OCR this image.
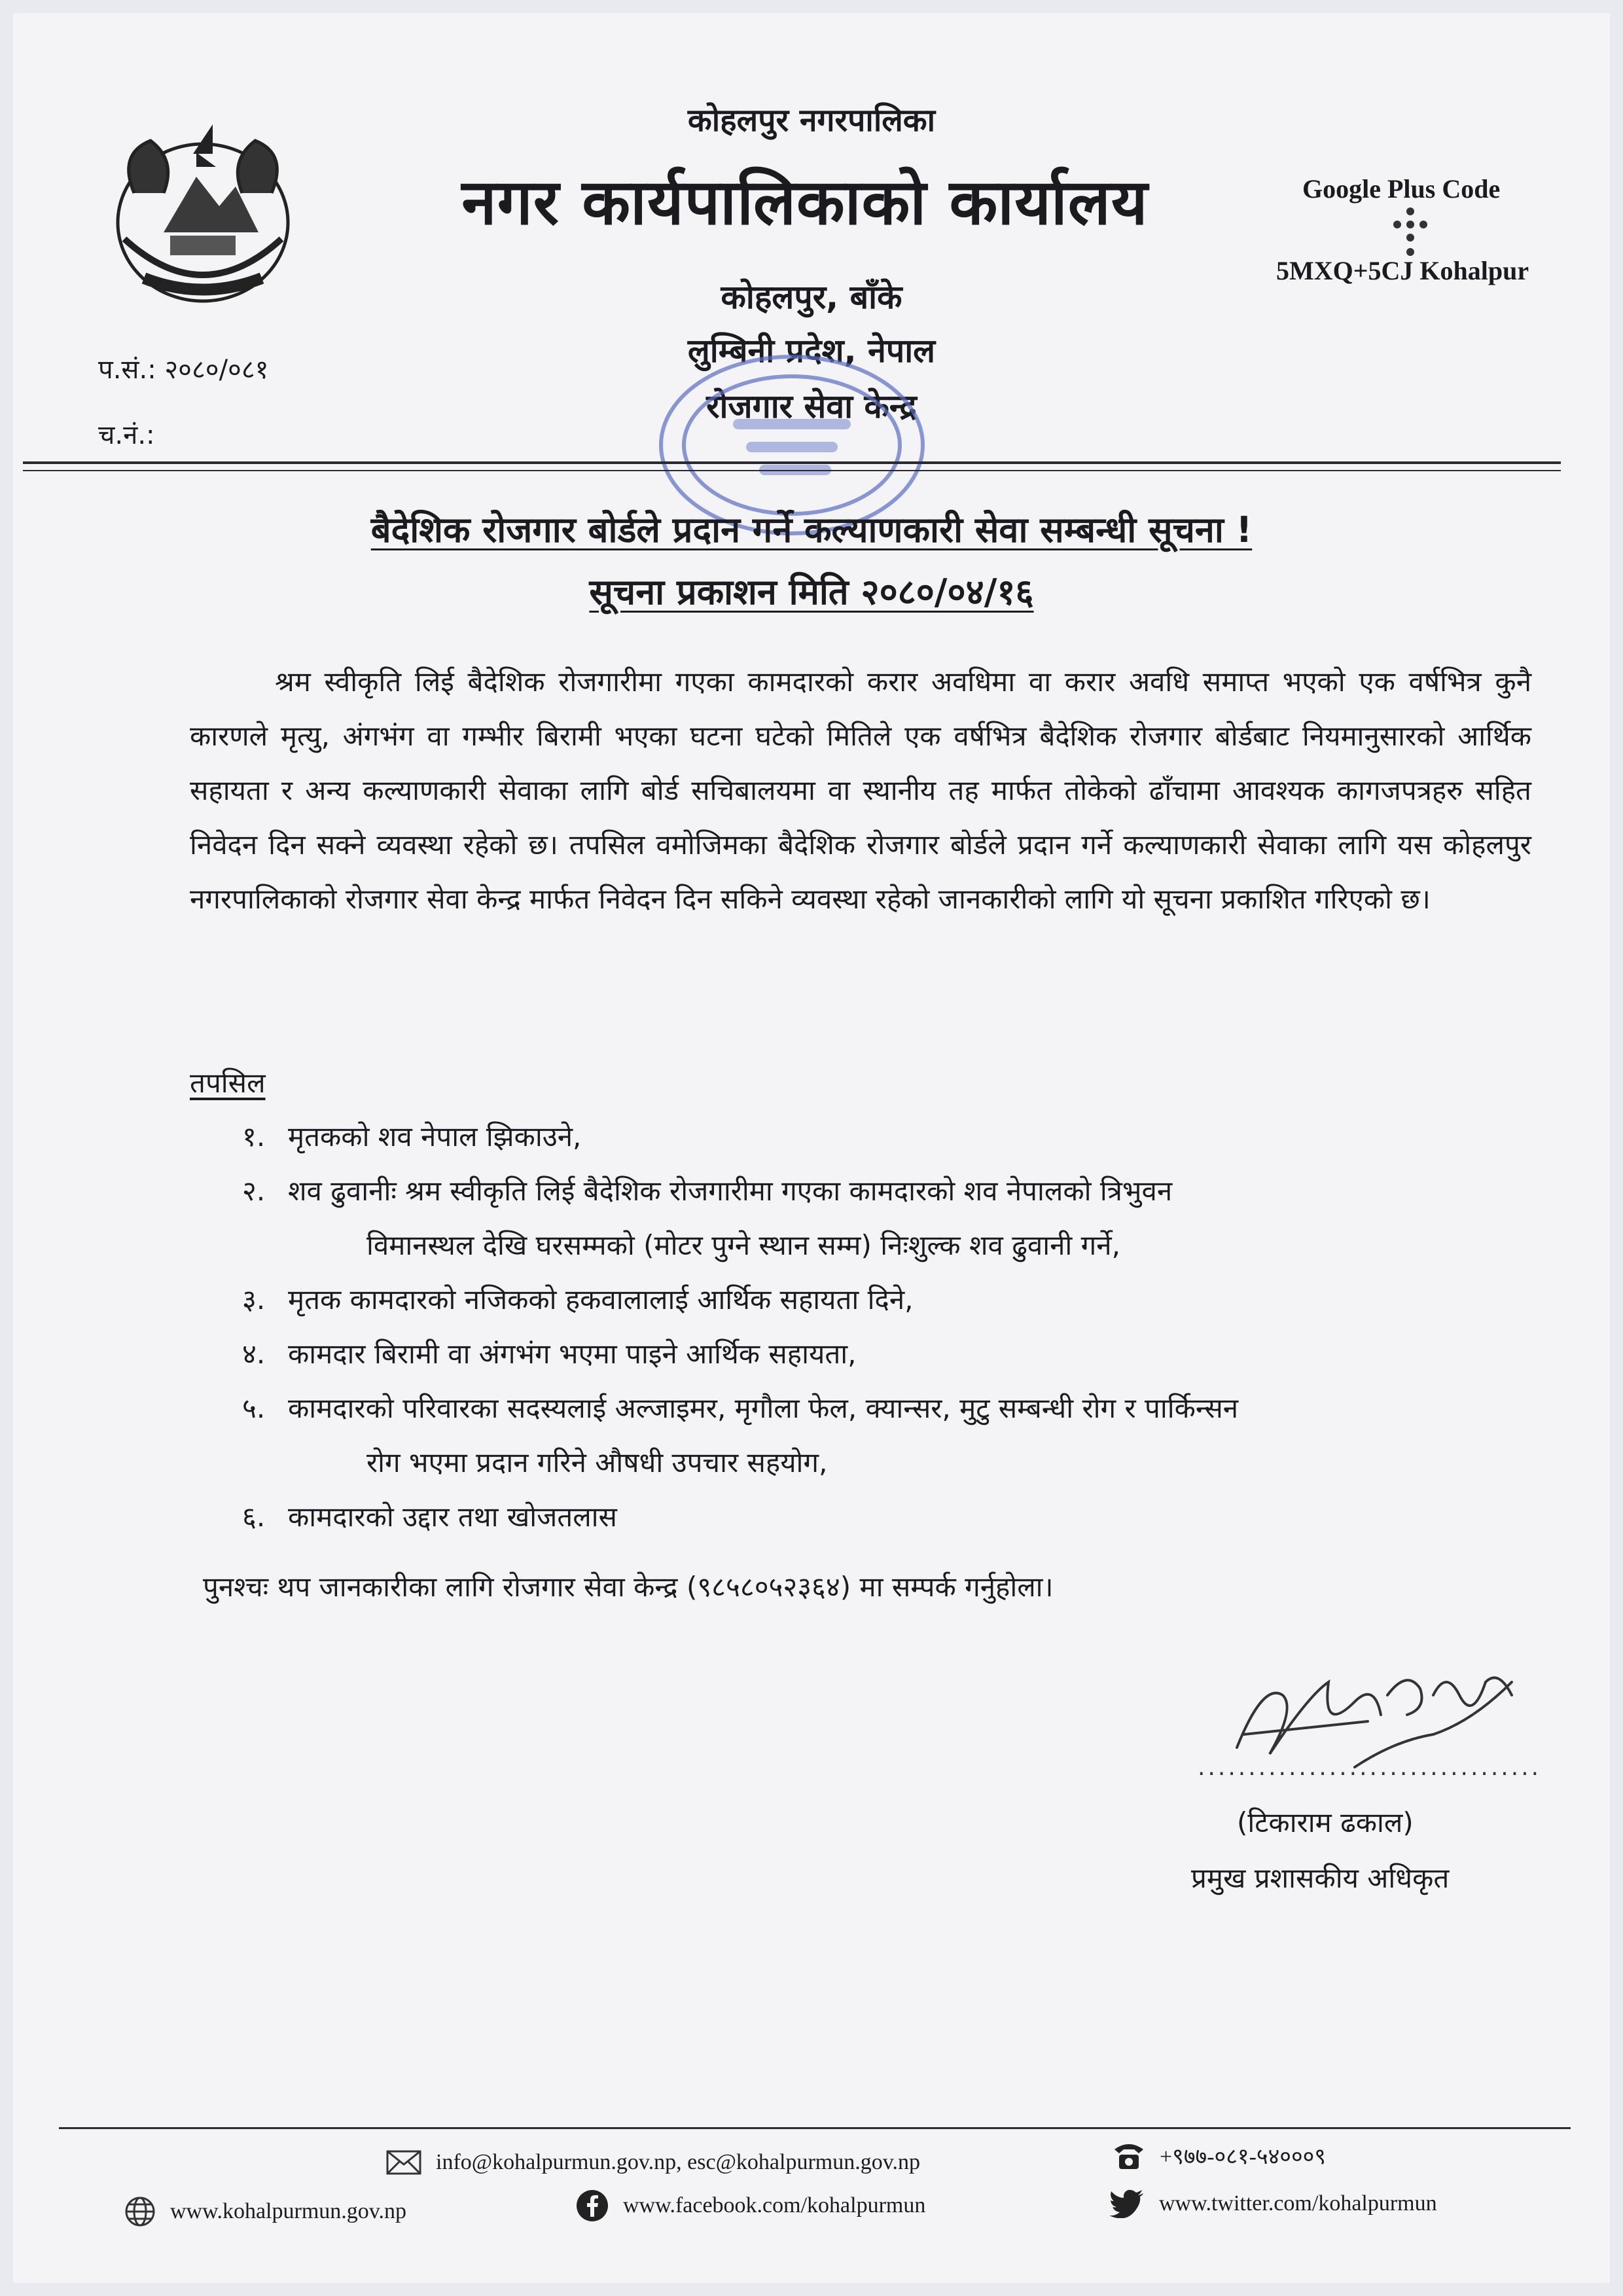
कोहलपुर नगरपालिका
नगर कार्यपालिकाको कार्यालय
कोहलपुर, बाँके
लुम्बिनी प्रदेश, नेपाल
रोजगार सेवा केन्द्र
Google Plus Code
5MXQ+5CJ Kohalpur
प.सं.: २०८०/०८१
च.नं.:
बैदेशिक रोजगार बोर्डले प्रदान गर्ने कल्याणकारी सेवा सम्बन्धी सूचना !
सूचना प्रकाशन मिति २०८०/०४/१६
श्रम स्वीकृति लिई बैदेशिक रोजगारीमा गएका कामदारको करार अवधिमा वा करार अवधि समाप्त भएको एक वर्षभित्र कुनै कारणले मृत्यु, अंगभंग वा गम्भीर बिरामी भएका घटना घटेको मितिले एक वर्षभित्र बैदेशिक रोजगार बोर्डबाट नियमानुसारको आर्थिक सहायता र अन्य कल्याणकारी सेवाका लागि बोर्ड सचिबालयमा वा स्थानीय तह मार्फत तोकेको ढाँचामा आवश्यक कागजपत्रहरु सहित निवेदन दिन सक्ने व्यवस्था रहेको छ। तपसिल वमोजिमका बैदेशिक रोजगार बोर्डले प्रदान गर्ने कल्याणकारी सेवाका लागि यस कोहलपुर नगरपालिकाको रोजगार सेवा केन्द्र मार्फत निवेदन दिन सकिने व्यवस्था रहेको जानकारीको लागि यो सूचना प्रकाशित गरिएको छ।
तपसिल
१. मृतकको शव नेपाल झिकाउने,
२. शव ढुवानीः श्रम स्वीकृति लिई बैदेशिक रोजगारीमा गएका कामदारको शव नेपालको त्रिभुवन
विमानस्थल देखि घरसम्मको (मोटर पुग्ने स्थान सम्म) निःशुल्क शव ढुवानी गर्ने,
३. मृतक कामदारको नजिकको हकवालालाई आर्थिक सहायता दिने,
४. कामदार बिरामी वा अंगभंग भएमा पाइने आर्थिक सहायता,
५. कामदारको परिवारका सदस्यलाई अल्जाइमर, मृगौला फेल, क्यान्सर, मुटु सम्बन्धी रोग र पार्किन्सन
रोग भएमा प्रदान गरिने औषधी उपचार सहयोग,
६. कामदारको उद्दार तथा खोजतलास
पुनश्चः थप जानकारीका लागि रोजगार सेवा केन्द्र (९८५८०५२३६४) मा सम्पर्क गर्नुहोला।
..................................
(टिकाराम ढकाल)
प्रमुख प्रशासकीय अधिकृत
info@kohalpurmun.gov.np, esc@kohalpurmun.gov.np
www.kohalpurmun.gov.np	www.facebook.com/kohalpurmun
+९७७-०८१-५४०००९
www.twitter.com/kohalpurmun
